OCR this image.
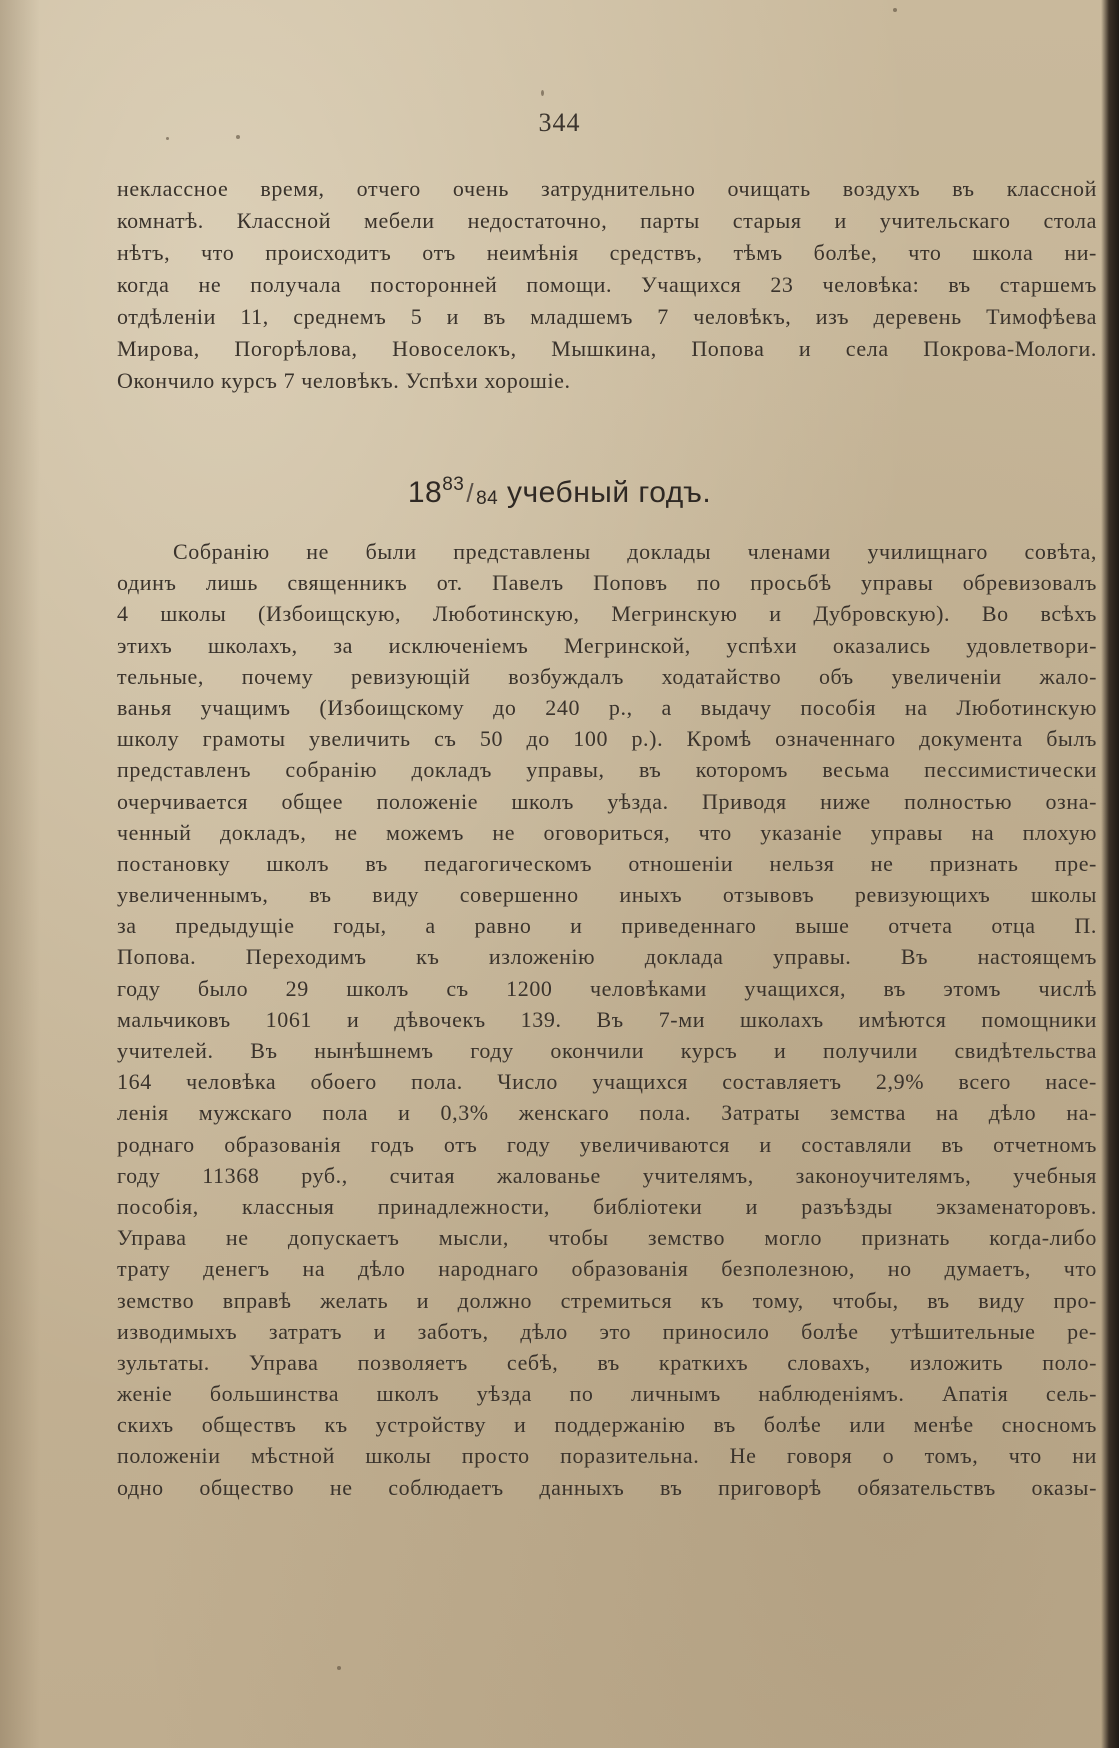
344
неклассное время, отчего очень затруднительно очищать воздухъ въ классной
комнатѣ. Классной мебели недостаточно, парты старыя и учительскаго стола
нѣтъ, что происходитъ отъ неимѣнія средствъ, тѣмъ болѣе, что школа ни-
когда не получала посторонней помощи. Учащихся 23 человѣка: въ старшемъ
отдѣленіи 11, среднемъ 5 и въ младшемъ 7 человѣкъ, изъ деревень Тимофѣева
Мирова, Погорѣлова, Новоселокъ, Мышкина, Попова и села Покрова-Мологи.
Окончило курсъ 7 человѣкъ. Успѣхи хорошіе.
$18^{83}/$ $_{84}$ учебный годъ.
Собранію не были представлены доклады членами училищнаго совѣта,
одинъ лишь священникъ от. Павелъ Поповъ по просьбѣ управы обревизовалъ
4 школы (Избоищскую, Люботинскую, Мегринскую и Дубровскую). Во всѣхъ
этихъ школахъ, за исключеніемъ Мегринской, успѣхи оказались удовлетвори-
тельные, почему ревизующій возбуждалъ ходатайство объ увеличеніи жало-
ванья учащимъ (Избоищскому до 240 р., а выдачу пособія на Люботинскую
школу грамоты увеличить съ 50 до 100 р.). Кромѣ означеннаго документа былъ
представленъ собранію докладъ управы, въ которомъ весьма пессимистически
очерчивается общее положеніе школъ уѣзда. Приводя ниже полностью озна-
ченный докладъ, не можемъ не оговориться, что указаніе управы на плохую
постановку школъ въ педагогическомъ отношеніи нельзя не признать пре-
увеличеннымъ, въ виду совершенно иныхъ отзывовъ ревизующихъ школы
за предыдущіе годы, а равно и приведеннаго выше отчета отца П.
Попова. Переходимъ къ изложенію доклада управы. Въ настоящемъ
году было 29 школъ съ 1200 человѣками учащихся, въ этомъ числѣ
мальчиковъ 1061 и дѣвочекъ 139. Въ 7-ми школахъ имѣются помощники
учителей. Въ нынѣшнемъ году окончили курсъ и получили свидѣтельства
164 человѣка обоего пола. Число учащихся составляетъ 2,9% всего насе-
ленія мужскаго пола и 0,3% женскаго пола. Затраты земства на дѣло на-
роднаго образованія годъ отъ году увеличиваются и составляли въ отчетномъ
году 11368 руб., считая жалованье учителямъ, законоучителямъ, учебныя
пособія, классныя принадлежности, библіотеки и разъѣзды экзаменаторовъ.
Управа не допускаетъ мысли, чтобы земство могло признать когда-либо
трату денегъ на дѣло народнаго образованія безполезною, но думаетъ, что
земство вправѣ желать и должно стремиться къ тому, чтобы, въ виду про-
изводимыхъ затратъ и заботъ, дѣло это приносило болѣе утѣшительные ре-
зультаты. Управа позволяетъ себѣ, въ краткихъ словахъ, изложить поло-
женіе большинства школъ уѣзда по личнымъ наблюденіямъ. Апатія сель-
скихъ обществъ къ устройству и поддержанію въ болѣе или менѣе сносномъ
положеніи мѣстной школы просто поразительна. Не говоря о томъ, что ни
одно общество не соблюдаетъ данныхъ въ приговорѣ обязательствъ оказы-
